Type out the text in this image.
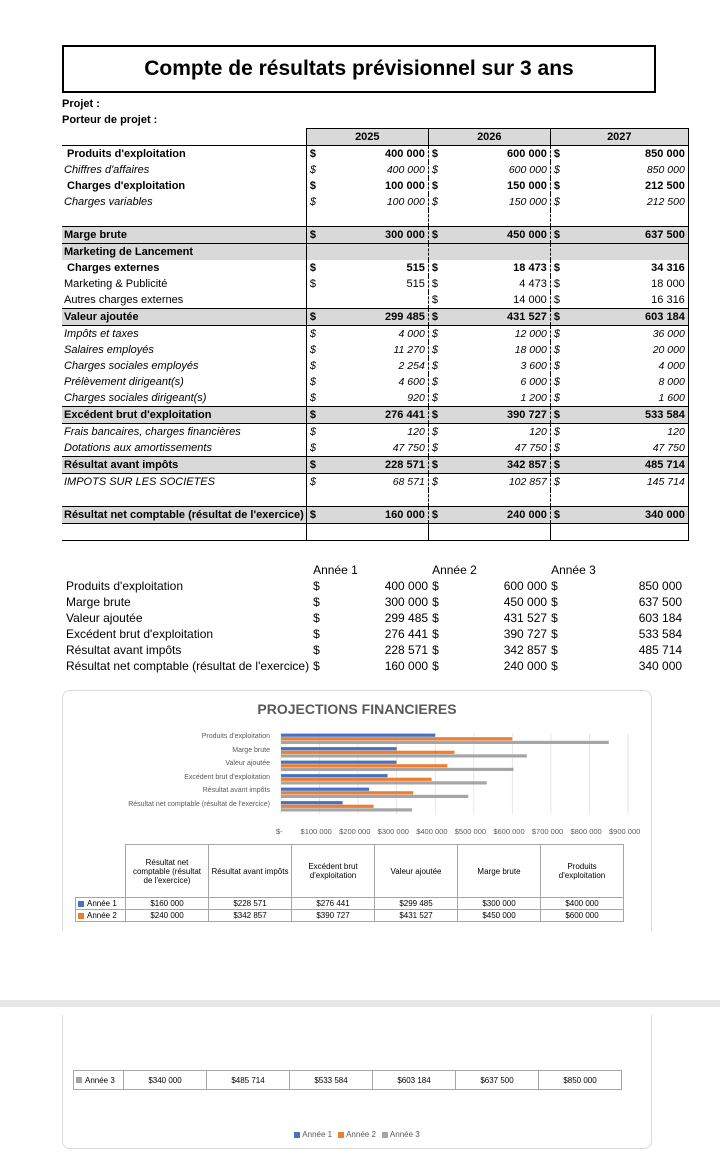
Compte de résultats prévisionnel sur 3 ans
Projet :
Porteur de projet :
	2025		2026		2027	
Produits d'exploitation	$	400 000	$	600 000	$	850 000
Chiffres d'affaires	$	400 000	$	600 000	$	850 000
Charges d'exploitation	$	100 000	$	150 000	$	212 500
Charges variables	$	100 000	$	150 000	$	212 500

Marge brute	$	300 000	$	450 000	$	637 500
Marketing de Lancement						
Charges externes	$	515	$	18 473	$	34 316
Marketing & Publicité	$	515	$	4 473	$	18 000
Autres charges externes			$	14 000	$	16 316
Valeur ajoutée	$	299 485	$	431 527	$	603 184
Impôts et taxes	$	4 000	$	12 000	$	36 000
Salaires employés	$	11 270	$	18 000	$	20 000
Charges sociales employés	$	2 254	$	3 600	$	4 000
Prélèvement dirigeant(s)	$	4 600	$	6 000	$	8 000
Charges sociales dirigeant(s)	$	920	$	1 200	$	1 600
Excédent brut d'exploitation	$	276 441	$	390 727	$	533 584
Frais bancaires, charges financières	$	120	$	120	$	120
Dotations aux amortissements	$	47 750	$	47 750	$	47 750
Résultat avant impôts	$	228 571	$	342 857	$	485 714
IMPOTS SUR LES SOCIETES	$	68 571	$	102 857	$	145 714

Résultat net comptable (résultat de l'exercice)	$	160 000	$	240 000	$	340 000

	Année 1		Année 2		Année 3	
Produits d'exploitation	$	400 000	$	600 000	$	850 000
Marge brute	$	300 000	$	450 000	$	637 500
Valeur ajoutée	$	299 485	$	431 527	$	603 184
Excédent brut d'exploitation	$	276 441	$	390 727	$	533 584
Résultat avant impôts	$	228 571	$	342 857	$	485 714
Résultat net comptable (résultat de l'exercice)	$	160 000	$	240 000	$	340 000
PROJECTIONS FINANCIERES
Produits d'exploitation
Marge brute
Valeur ajoutée
Excédent brut d'exploitation
Résultat avant impôts
Résultat net comptable (résultat de l'exercice)
$- $100 000 $200 000 $300 000 $400 000 $500 000 $600 000 $700 000 $800 000 $900 000
	Résultat net comptable (résultat de l'exercice)	Résultat avant impôts	Excédent brut d'exploitation	Valeur ajoutée	Marge brute	Produits d'exploitation
Année 1	$160 000	$228 571	$276 441	$299 485	$300 000	$400 000
Année 2	$240 000	$342 857	$390 727	$431 527	$450 000	$600 000
Année 3	$340 000	$485 714	$533 584	$603 184	$637 500	$850 000
Année 1 Année 2 Année 3
